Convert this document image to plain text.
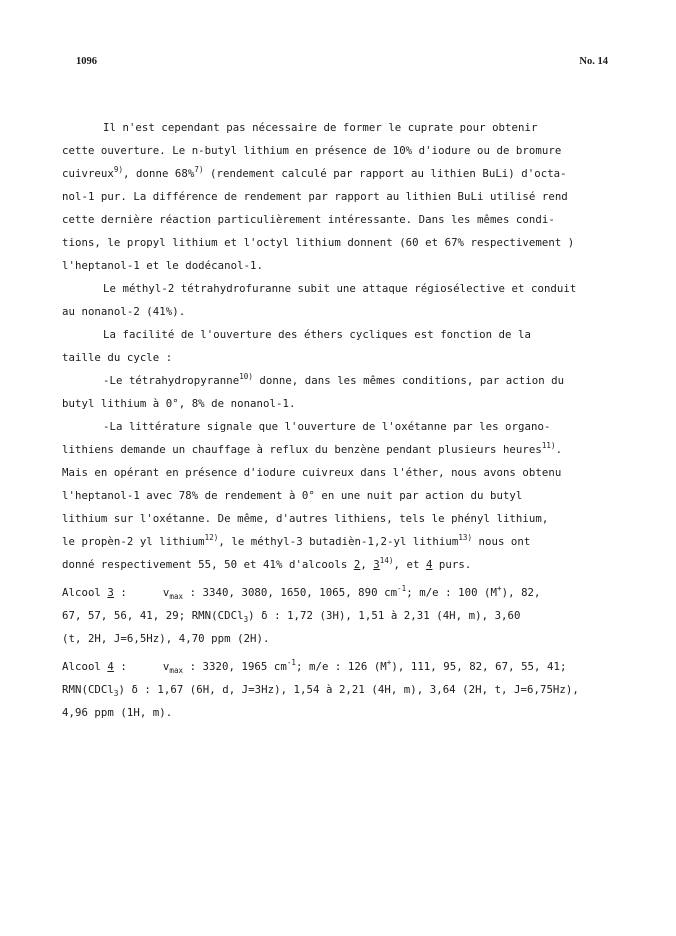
1096	No. 14
Il n'est cependant pas nécessaire de former le cuprate pour obtenir
cette ouverture. Le n-butyl lithium en présence de 10% d'iodure ou de bromure
cuivreux$^{9)}$, donne 68%$^{7)}$ (rendement calculé par rapport au lithien BuLi) d'octa-
nol-1 pur. La différence de rendement par rapport au lithien BuLi utilisé rend
cette dernière réaction particulièrement intéressante. Dans les mêmes condi-
tions, le propyl lithium et l'octyl lithium donnent (60 et 67% respectivement )
l'heptanol-1 et le dodécanol-1.
Le méthyl-2 tétrahydrofuranne subit une attaque régiosélective et conduit
au nonanol-2 (41%).
La facilité de l'ouverture des éthers cycliques est fonction de la
taille du cycle :
-Le tétrahydropyranne$^{10)}$ donne, dans les mêmes conditions, par action du
butyl lithium à 0°, 8% de nonanol-1.
-La littérature signale que l'ouverture de l'oxétanne par les organo-
lithiens demande un chauffage à reflux du benzène pendant plusieurs heures$^{11)}$.
Mais en opérant en présence d'iodure cuivreux dans l'éther, nous avons obtenu
l'heptanol-1 avec 78% de rendement à 0° en une nuit par action du butyl
lithium sur l'oxétanne. De même, d'autres lithiens, tels le phényl lithium,
le propèn-2 yl lithium$^{12)}$, le méthyl-3 butadièn-1,2-yl lithium$^{13)}$ nous ont
donné respectivement 55, 50 et 41% d'alcools 2, 3$^{14)}$, et 4 purs.
Alcool 3 :	$v_{max}$ : 3340, 3080, 1650, 1065, 890 $cm^{-1}$; m/e : 100 (M+), 82,
67, 57, 56, 41, 29; RMN(CDCl$_3$) δ : 1,72 (3H), 1,51 à 2,31 (4H, m), 3,60
(t, 2H, J=6,5Hz), 4,70 ppm (2H).
Alcool 4 :	$v_{max}$ : 3320, 1965 $cm^{-1}$; m/e : 126 (M+), 111, 95, 82, 67, 55, 41;
RMN(CDCl$_3$) δ : 1,67 (6H, d, J=3Hz), 1,54 à 2,21 (4H, m), 3,64 (2H, t, J=6,75Hz),
4,96 ppm (1H, m).
